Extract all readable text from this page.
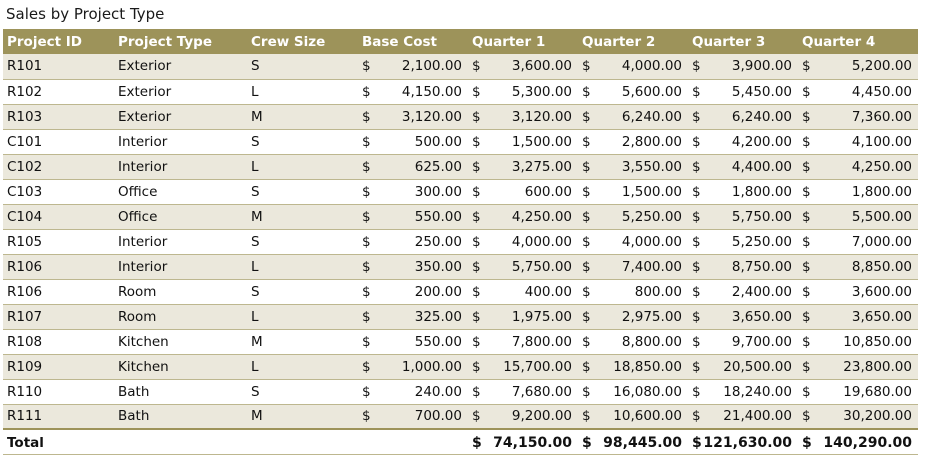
Sales by Project Type
Project ID	Project Type	Crew Size	Base Cost	Quarter 1	Quarter 2	Quarter 3	Quarter 4
R101	Exterior	S	$ 2,100.00	$ 3,600.00	$ 4,000.00	$ 3,900.00	$ 5,200.00

R102	Exterior	L	$ 4,150.00	$ 5,300.00	$ 5,600.00	$ 5,450.00	$ 4,450.00

R103	Exterior	M	$ 3,120.00	$ 3,120.00	$ 6,240.00	$ 6,240.00	$ 7,360.00

C101	Interior	S	$ 500.00	$ 1,500.00	$ 2,800.00	$ 4,200.00	$ 4,100.00

C102	Interior	L	$ 625.00	$ 3,275.00	$ 3,550.00	$ 4,400.00	$ 4,250.00

C103	Office	S	$ 300.00	$ 600.00	$ 1,500.00	$ 1,800.00	$ 1,800.00

C104	Office	M	$ 550.00	$ 4,250.00	$ 5,250.00	$ 5,750.00	$ 5,500.00

R105	Interior	S	$ 250.00	$ 4,000.00	$ 4,000.00	$ 5,250.00	$ 7,000.00

R106	Interior	L	$ 350.00	$ 5,750.00	$ 7,400.00	$ 8,750.00	$ 8,850.00

R106	Room	S	$ 200.00	$ 400.00	$ 800.00	$ 2,400.00	$ 3,600.00

R107	Room	L	$ 325.00	$ 1,975.00	$ 2,975.00	$ 3,650.00	$ 3,650.00

R108	Kitchen	M	$ 550.00	$ 7,800.00	$ 8,800.00	$ 9,700.00	$ 10,850.00

R109	Kitchen	L	$ 1,000.00	$ 15,700.00	$ 18,850.00	$ 20,500.00	$ 23,800.00

R110	Bath	S	$ 240.00	$ 7,680.00	$ 16,080.00	$ 18,240.00	$ 19,680.00

R111	Bath	M	$ 700.00	$ 9,200.00	$ 10,600.00	$ 21,400.00	$ 30,200.00

Total				$ 74,150.00	$ 98,445.00	$ 121,630.00	$ 140,290.00
